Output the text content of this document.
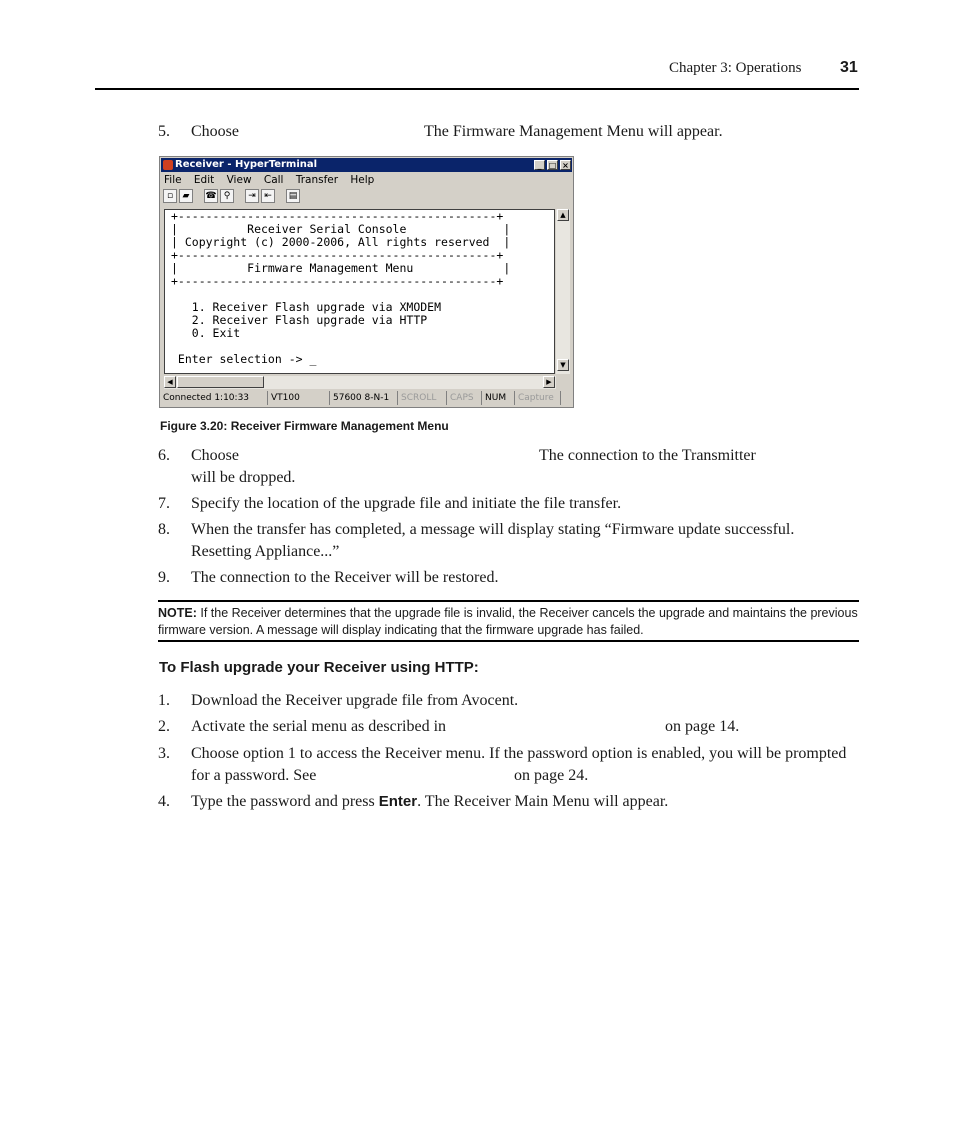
Chapter 3: Operations 31
5. Choose	The Firmware Management Menu will appear.
Receiver - HyperTerminal	_ □ ×
File Edit View Call Transfer Help
▫	▰	☎ ⚲	⇥ ⇤	▤
+----------------------------------------------+
|          Receiver Serial Console              |
| Copyright (c) 2000-2006, All rights reserved  |
+----------------------------------------------+
|          Firmware Management Menu             |
+----------------------------------------------+

1. Receiver Flash upgrade via XMODEM
2. Receiver Flash upgrade via HTTP
0. Exit

Enter selection -> _
▲
▼
◀	▶
Connected 1:10:33	VT100	57600 8-N-1	SCROLL	CAPS	NUM	Capture
Figure 3.20: Receiver Firmware Management Menu
6. Choose	The connection to the Transmitter
will be dropped.
7. Specify the location of the upgrade file and initiate the file transfer.
8. When the transfer has completed, a message will display stating “Firmware update successful. Resetting Appliance...”
9. The connection to the Receiver will be restored.
NOTE: If the Receiver determines that the upgrade file is invalid, the Receiver cancels the upgrade and maintains the previous firmware version. A message will display indicating that the firmware upgrade has failed.
To Flash upgrade your Receiver using HTTP:
1. Download the Receiver upgrade file from Avocent.
2. Activate the serial menu as described in	on page 14.
3. Choose option 1 to access the Receiver menu. If the password option is enabled, you will be prompted for a password. See	on page 24.
4. Type the password and press Enter. The Receiver Main Menu will appear.
